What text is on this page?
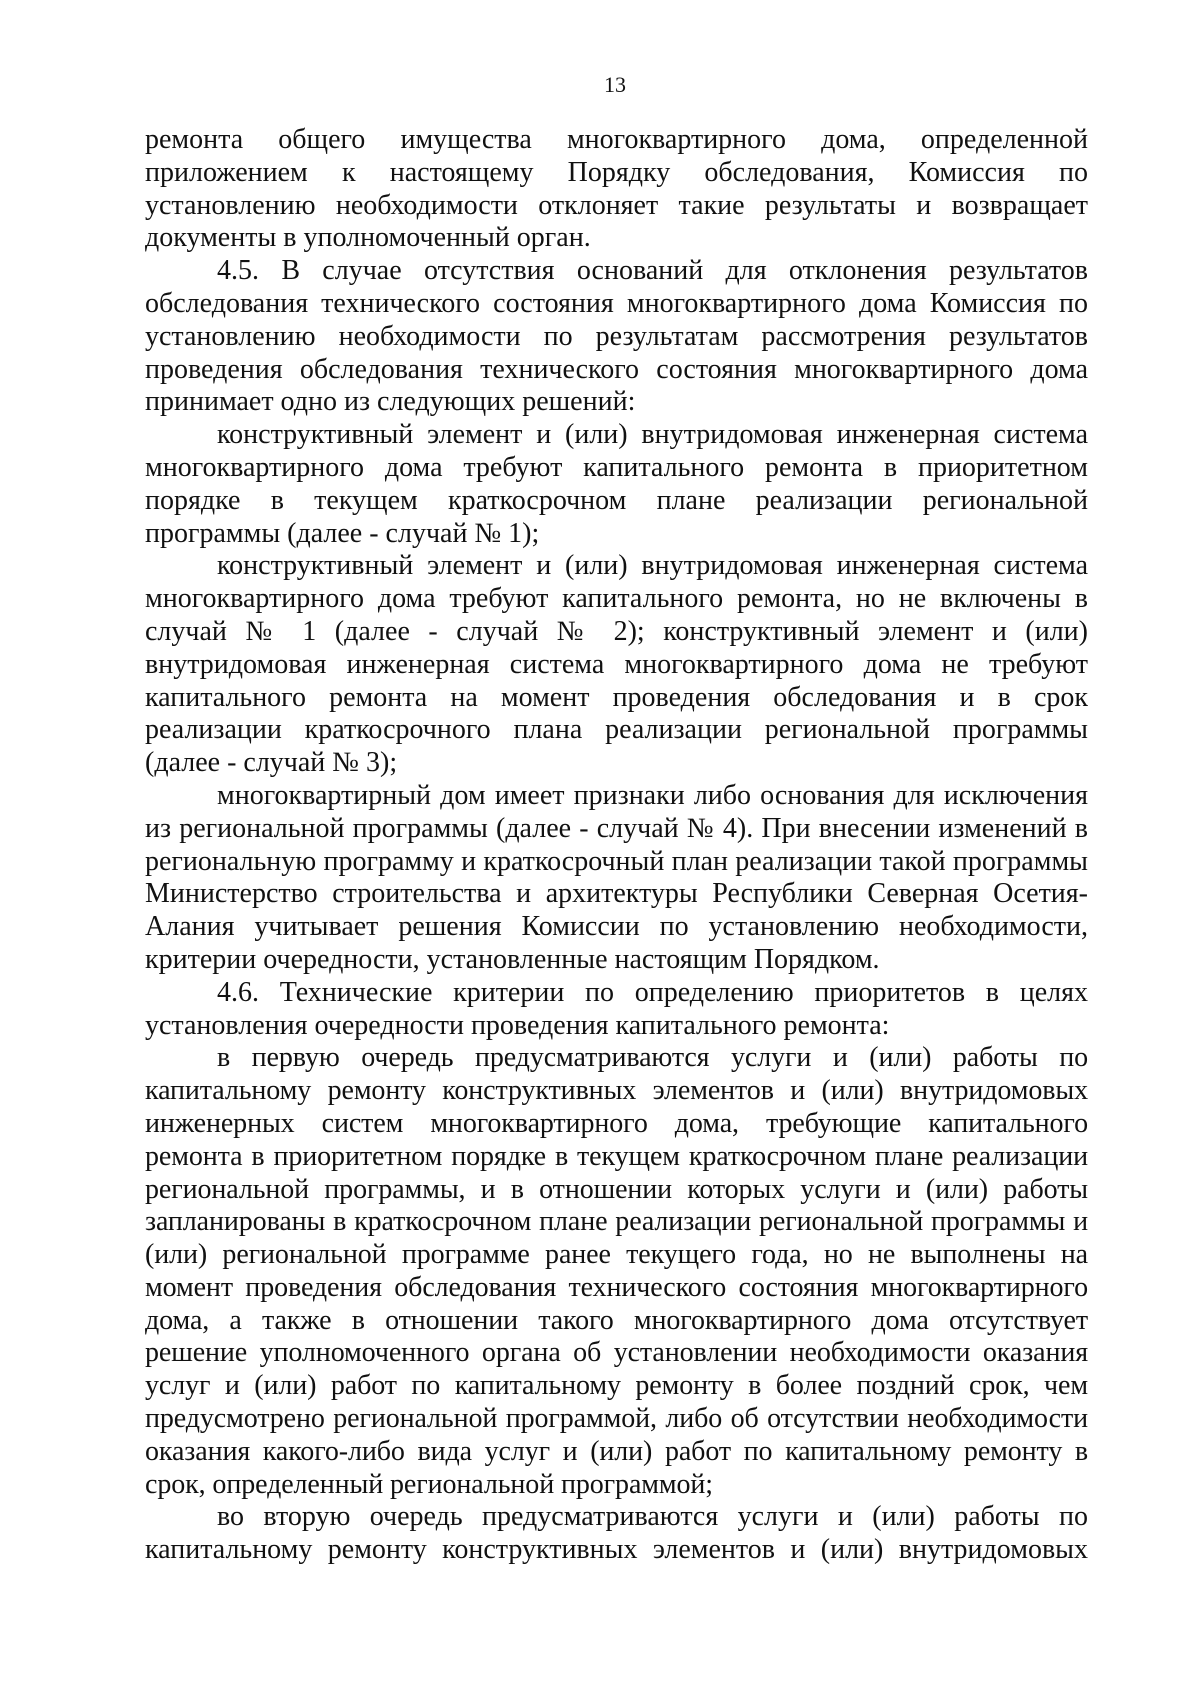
13

ремонта общего имущества многоквартирного дома, определенной приложением к настоящему Порядку обследования, Комиссия по установлению необходимости отклоняет такие результаты и возвращает документы в уполномоченный орган.

4.5. В случае отсутствия оснований для отклонения результатов обследования технического состояния многоквартирного дома Комиссия по установлению необходимости по результатам рассмотрения результатов проведения обследования технического состояния многоквартирного дома принимает одно из следующих решений:

конструктивный элемент и (или) внутридомовая инженерная система многоквартирного дома требуют капитального ремонта в приоритетном порядке в текущем краткосрочном плане реализации региональной программы (далее - случай № 1);

конструктивный элемент и (или) внутридомовая инженерная система многоквартирного дома требуют капитального ремонта, но не включены в случай № 1 (далее - случай № 2); конструктивный элемент и (или) внутридомовая инженерная система многоквартирного дома не требуют капитального ремонта на момент проведения обследования и в срок реализации краткосрочного плана реализации региональной программы (далее - случай № 3);

многоквартирный дом имеет признаки либо основания для исключения из региональной программы (далее - случай № 4). При внесении изменений в региональную программу и краткосрочный план реализации такой программы Министерство строительства и архитектуры Республики Северная Осетия-Алания учитывает решения Комиссии по установлению необходимости, критерии очередности, установленные настоящим Порядком.

4.6. Технические критерии по определению приоритетов в целях установления очередности проведения капитального ремонта:

в первую очередь предусматриваются услуги и (или) работы по капитальному ремонту конструктивных элементов и (или) внутридомовых инженерных систем многоквартирного дома, требующие капитального ремонта в приоритетном порядке в текущем краткосрочном плане реализации региональной программы, и в отношении которых услуги и (или) работы запланированы в краткосрочном плане реализации региональной программы и (или) региональной программе ранее текущего года, но не выполнены на момент проведения обследования технического состояния многоквартирного дома, а также в отношении такого многоквартирного дома отсутствует решение уполномоченного органа об установлении необходимости оказания услуг и (или) работ по капитальному ремонту в более поздний срок, чем предусмотрено региональной программой, либо об отсутствии необходимости оказания какого-либо вида услуг и (или) работ по капитальному ремонту в срок, определенный региональной программой;

во вторую очередь предусматриваются услуги и (или) работы по капитальному ремонту конструктивных элементов и (или) внутридомовых
